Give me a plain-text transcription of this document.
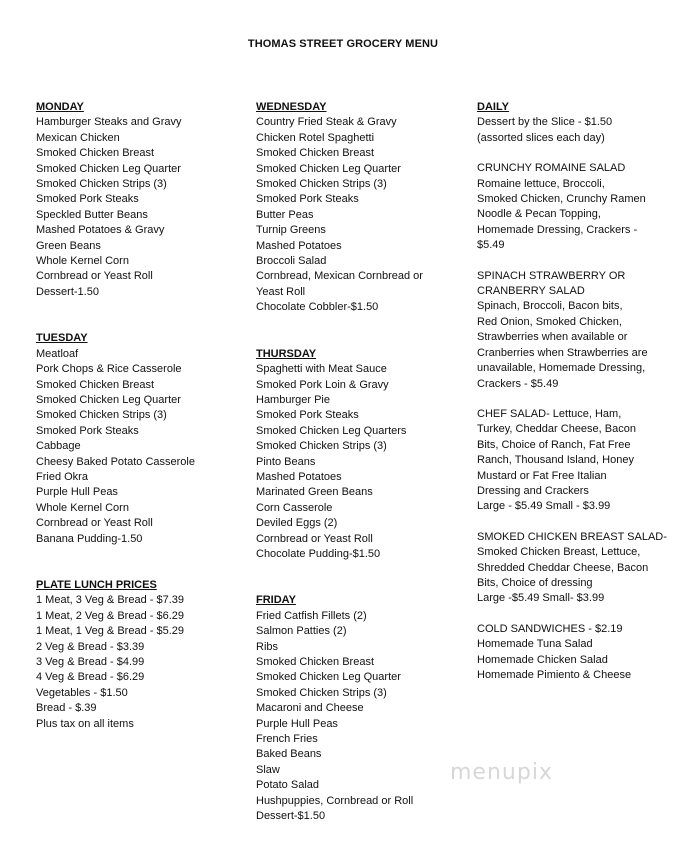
THOMAS STREET GROCERY MENU
MONDAY
Hamburger Steaks and Gravy
Mexican Chicken
Smoked Chicken Breast
Smoked Chicken Leg Quarter
Smoked Chicken Strips (3)
Smoked Pork Steaks
Speckled Butter Beans
Mashed Potatoes & Gravy
Green Beans
Whole Kernel Corn
Cornbread or Yeast Roll
Dessert-1.50
TUESDAY
Meatloaf
Pork Chops & Rice Casserole
Smoked Chicken Breast
Smoked Chicken Leg Quarter
Smoked Chicken Strips (3)
Smoked Pork Steaks
Cabbage
Cheesy Baked Potato Casserole
Fried Okra
Purple Hull Peas
Whole Kernel Corn
Cornbread or Yeast Roll
Banana Pudding-1.50
PLATE LUNCH PRICES
1 Meat, 3 Veg & Bread - $7.39
1 Meat, 2 Veg & Bread - $6.29
1 Meat, 1 Veg & Bread - $5.29
2 Veg & Bread - $3.39
3 Veg & Bread - $4.99
4 Veg & Bread - $6.29
Vegetables - $1.50
Bread - $.39
Plus tax on all items
WEDNESDAY
Country Fried Steak & Gravy
Chicken Rotel Spaghetti
Smoked Chicken Breast
Smoked Chicken Leg Quarter
Smoked Chicken Strips (3)
Smoked Pork Steaks
Butter Peas
Turnip Greens
Mashed Potatoes
Broccoli Salad
Cornbread, Mexican Cornbread or
Yeast Roll
Chocolate Cobbler-$1.50
THURSDAY
Spaghetti with Meat Sauce
Smoked Pork Loin & Gravy
Hamburger Pie
Smoked Pork Steaks
Smoked Chicken Leg Quarters
Smoked Chicken Strips (3)
Pinto Beans
Mashed Potatoes
Marinated Green Beans
Corn Casserole
Deviled Eggs (2)
Cornbread or Yeast Roll
Chocolate Pudding-$1.50
FRIDAY
Fried Catfish Fillets (2)
Salmon Patties (2)
Ribs
Smoked Chicken Breast
Smoked Chicken Leg Quarter
Smoked Chicken Strips (3)
Macaroni and Cheese
Purple Hull Peas
French Fries
Baked Beans
Slaw
Potato Salad
Hushpuppies, Cornbread or Roll
Dessert-$1.50
DAILY
Dessert by the Slice - $1.50
(assorted slices each day)
CRUNCHY ROMAINE SALAD
Romaine lettuce, Broccoli,
Smoked Chicken, Crunchy Ramen
Noodle & Pecan Topping,
Homemade Dressing, Crackers -
$5.49
SPINACH STRAWBERRY OR
CRANBERRY SALAD
Spinach, Broccoli, Bacon bits,
Red Onion, Smoked Chicken,
Strawberries when available or
Cranberries when Strawberries are
unavailable, Homemade Dressing,
Crackers - $5.49
CHEF SALAD- Lettuce, Ham,
Turkey, Cheddar Cheese, Bacon
Bits, Choice of Ranch, Fat Free
Ranch, Thousand Island, Honey
Mustard or Fat Free Italian
Dressing and Crackers
Large - $5.49 Small - $3.99
SMOKED CHICKEN BREAST SALAD-
Smoked Chicken Breast, Lettuce,
Shredded Cheddar Cheese, Bacon
Bits, Choice of dressing
Large -$5.49 Small- $3.99
COLD SANDWICHES - $2.19
Homemade Tuna Salad
Homemade Chicken Salad
Homemade Pimiento & Cheese
menupix
